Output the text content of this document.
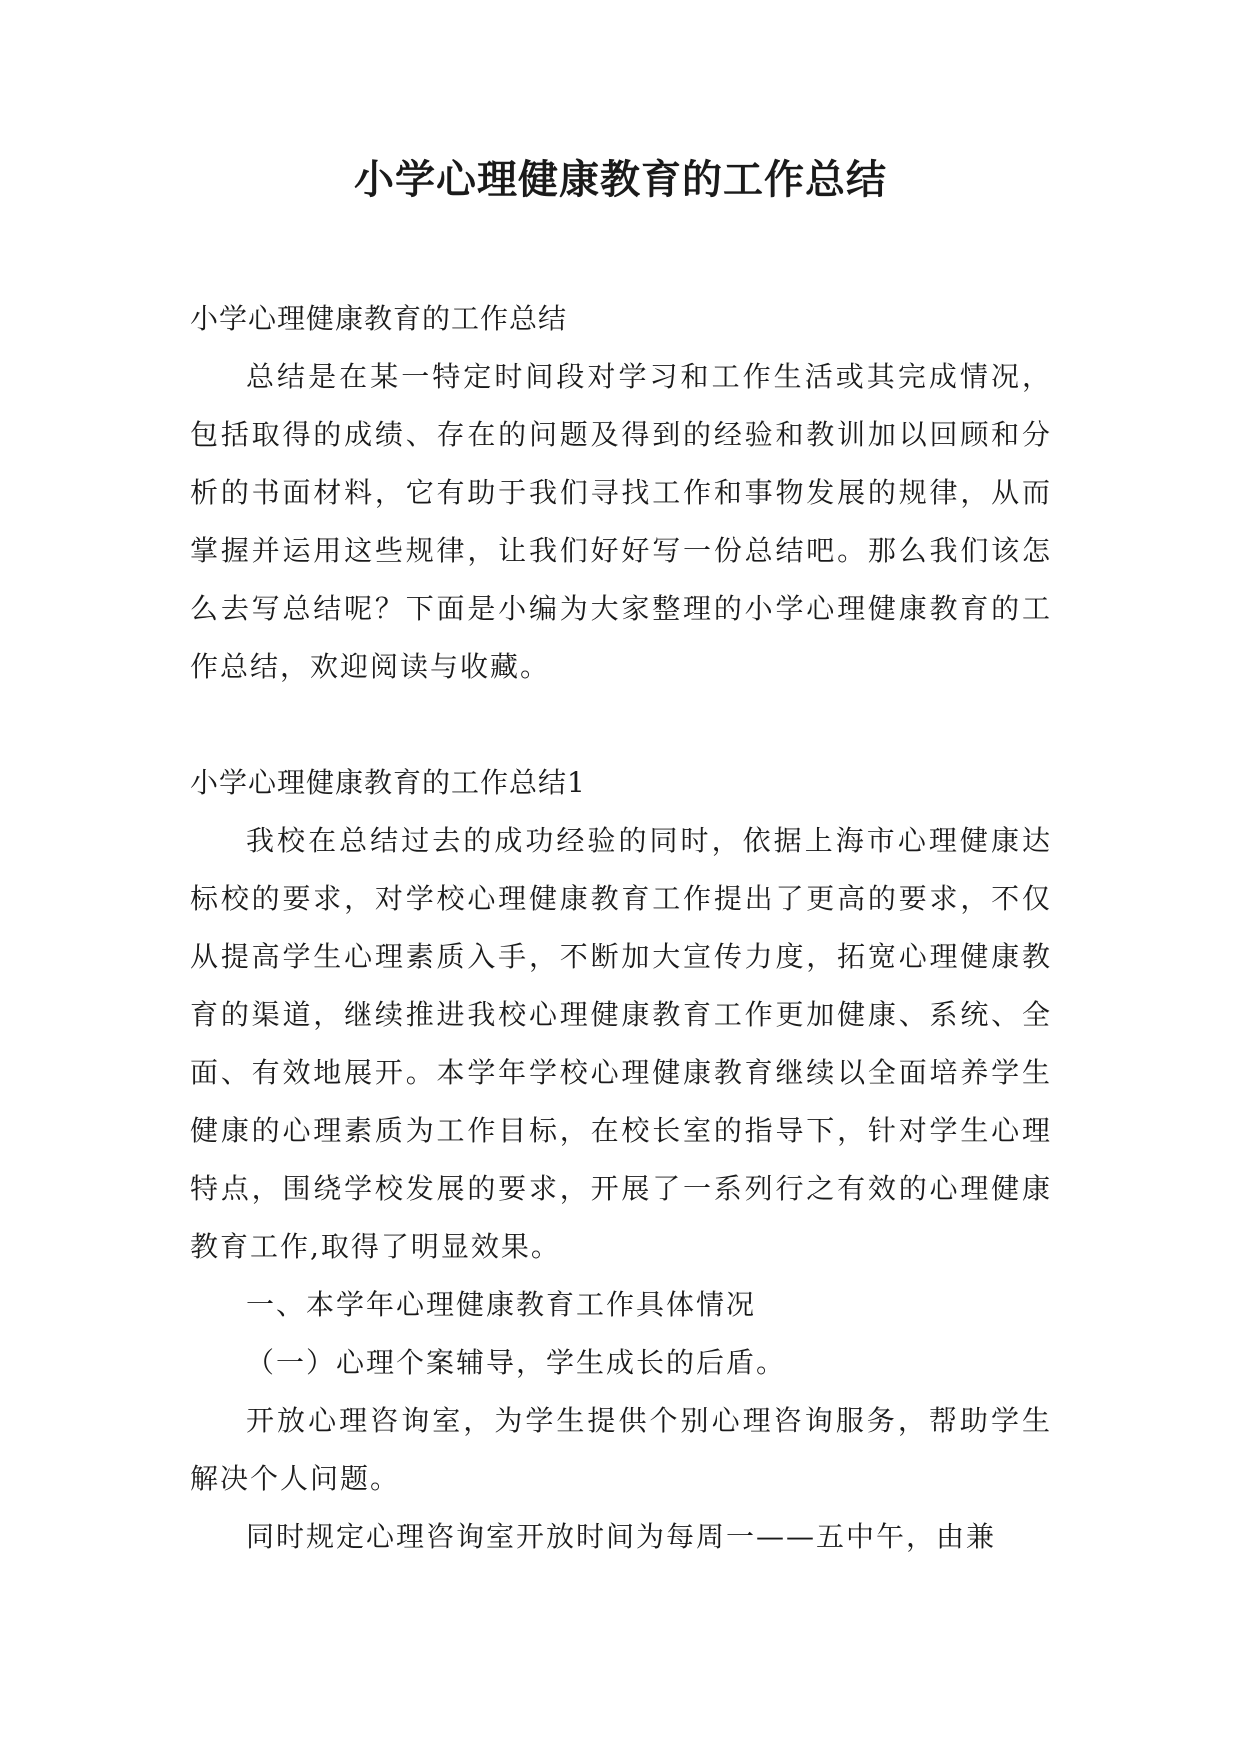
小学心理健康教育的工作总结

小学心理健康教育的工作总结

总结是在某一特定时间段对学习和工作生活或其完成情况，包括取得的成绩、存在的问题及得到的经验和教训加以回顾和分析的书面材料，它有助于我们寻找工作和事物发展的规律，从而掌握并运用这些规律，让我们好好写一份总结吧。那么我们该怎么去写总结呢？下面是小编为大家整理的小学心理健康教育的工作总结，欢迎阅读与收藏。

小学心理健康教育的工作总结1

我校在总结过去的成功经验的同时，依据上海市心理健康达标校的要求，对学校心理健康教育工作提出了更高的要求，不仅从提高学生心理素质入手，不断加大宣传力度，拓宽心理健康教育的渠道，继续推进我校心理健康教育工作更加健康、系统、全面、有效地展开。本学年学校心理健康教育继续以全面培养学生健康的心理素质为工作目标，在校长室的指导下，针对学生心理特点，围绕学校发展的要求，开展了一系列行之有效的心理健康教育工作,取得了明显效果。

一、本学年心理健康教育工作具体情况

（一）心理个案辅导，学生成长的后盾。

开放心理咨询室，为学生提供个别心理咨询服务，帮助学生解决个人问题。

同时规定心理咨询室开放时间为每周一——五中午，由兼
